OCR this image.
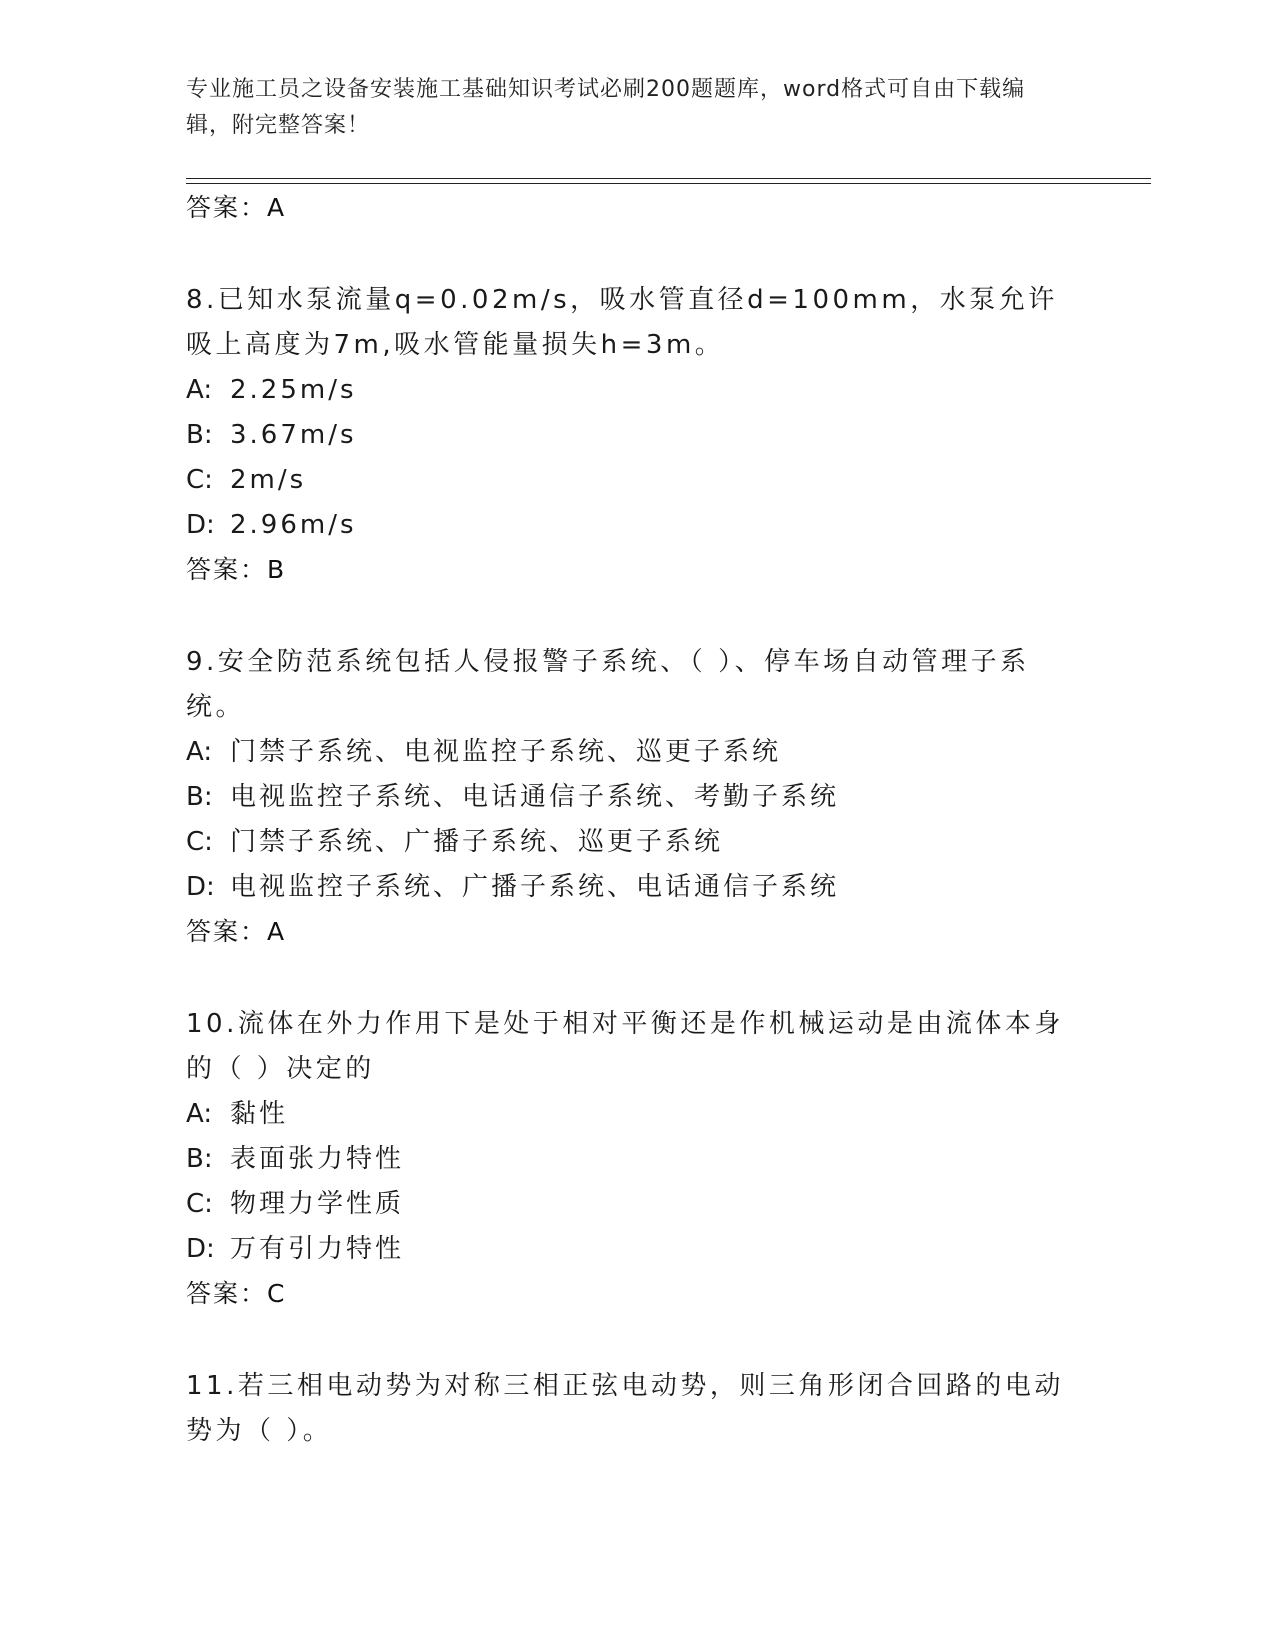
专业施工员之设备安装施工基础知识考试必刷200题题库，word格式可自由下载编辑，附完整答案！
答案：A

8.已知水泵流量q=0.02m/s，吸水管直径d=100mm，水泵允许吸上高度为7m,吸水管能量损失h=3m。

A: 2.25m/s
B: 3.67m/s
C: 2m/s
D: 2.96m/s
答案：B

9.安全防范系统包括人侵报警子系统、（ ）、停车场自动管理子系统。

A: 门禁子系统、电视监控子系统、巡更子系统
B: 电视监控子系统、电话通信子系统、考勤子系统
C: 门禁子系统、广播子系统、巡更子系统
D: 电视监控子系统、广播子系统、电话通信子系统
答案：A

10.流体在外力作用下是处于相对平衡还是作机械运动是由流体本身的（ ）决定的

A: 黏性
B: 表面张力特性
C: 物理力学性质
D: 万有引力特性
答案：C

11.若三相电动势为对称三相正弦电动势，则三角形闭合回路的电动势为（ ）。
